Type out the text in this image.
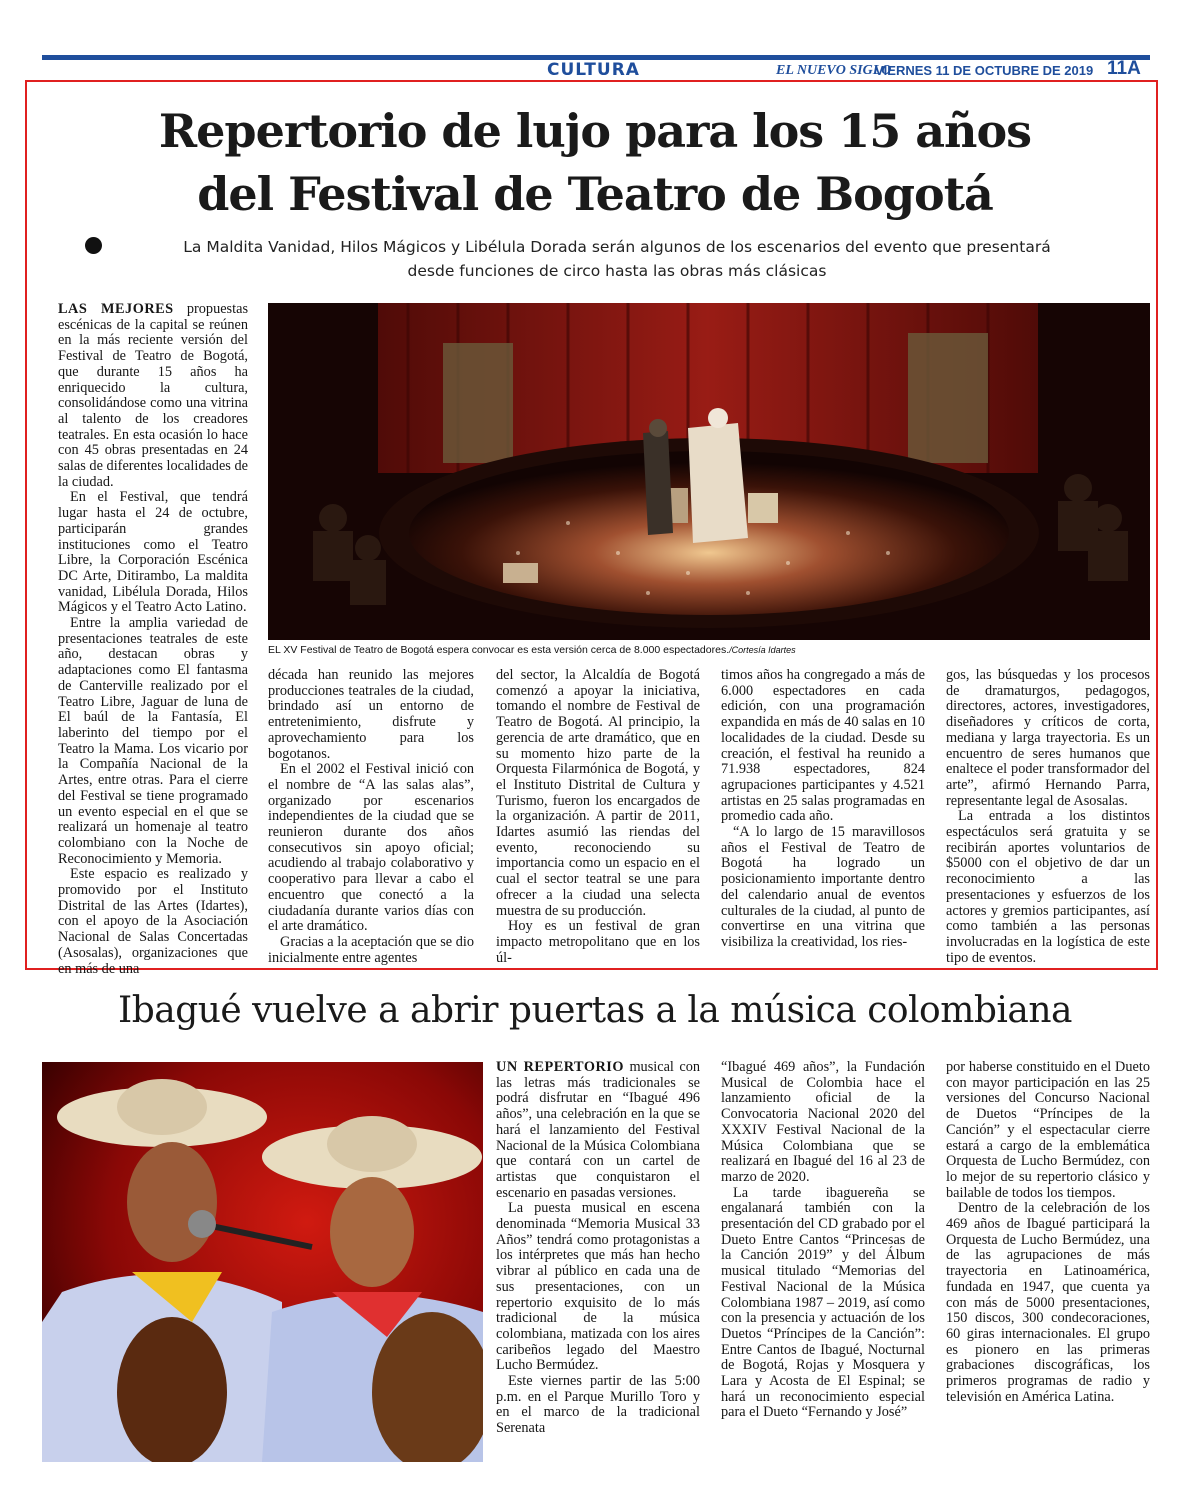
CULTURA	EL NUEVO SIGLO
VIERNES 11 DE OCTUBRE DE 2019 11A
Repertorio de lujo para los 15 años
del Festival de Teatro de Bogotá
La Maldita Vanidad, Hilos Mágicos y Libélula Dorada serán algunos de los escenarios del evento que presentará
desde funciones de circo hasta las obras más clásicas

LAS MEJORES propuestas escénicas de la capital se reúnen en la más reciente versión del Festival de Teatro de Bogotá, que durante 15 años ha enriquecido la cultura, consolidándose como una vitrina al talento de los creadores teatrales. En esta ocasión lo hace con 45 obras presentadas en 24 salas de diferentes localidades de la ciudad.

En el Festival, que tendrá lugar hasta el 24 de octubre, participarán grandes instituciones como el Teatro Libre, la Corporación Escénica DC Arte, Ditirambo, La maldita vanidad, Libélula Dorada, Hilos Mágicos y el Teatro Acto Latino.

Entre la amplia variedad de presentaciones teatrales de este año, destacan obras y adaptaciones como El fantasma de Canterville realizado por el Teatro Libre, Jaguar de luna de El baúl de la Fantasía, El laberinto del tiempo por el Teatro la Mama. Los vicario por la Compañía Nacional de la Artes, entre otras. Para el cierre del Festival se tiene programado un evento especial en el que se realizará un homenaje al teatro colombiano con la Noche de Reconocimiento y Memoria.

Este espacio es realizado y promovido por el Instituto Distrital de las Artes (Idartes), con el apoyo de la Asociación Nacional de Salas Concertadas (Asosalas), organizaciones que en más de una

EL XV Festival de Teatro de Bogotá espera convocar es esta versión cerca de 8.000 espectadores./Cortesía Idartes

década han reunido las mejores producciones teatrales de la ciudad, brindado así un entorno de entretenimiento, disfrute y aprovechamiento para los bogotanos.

En el 2002 el Festival inició con el nombre de “A las salas alas”, organizado por escenarios independientes de la ciudad que se reunieron durante dos años consecutivos sin apoyo oficial; acudiendo al trabajo colaborativo y cooperativo para llevar a cabo el encuentro que conectó a la ciudadanía durante varios días con el arte dramático.

Gracias a la aceptación que se dio inicialmente entre agentes

del sector, la Alcaldía de Bogotá comenzó a apoyar la iniciativa, tomando el nombre de Festival de Teatro de Bogotá. Al principio, la gerencia de arte dramático, que en su momento hizo parte de la Orquesta Filarmónica de Bogotá, y el Instituto Distrital de Cultura y Turismo, fueron los encargados de la organización. A partir de 2011, Idartes asumió las riendas del evento, reconociendo su importancia como un espacio en el cual el sector teatral se une para ofrecer a la ciudad una selecta muestra de su producción.

Hoy es un festival de gran impacto metropolitano que en los úl-

timos años ha congregado a más de 6.000 espectadores en cada edición, con una programación expandida en más de 40 salas en 10 localidades de la ciudad. Desde su creación, el festival ha reunido a 71.938 espectadores, 824 agrupaciones participantes y 4.521 artistas en 25 salas programadas en promedio cada año.

“A lo largo de 15 maravillosos años el Festival de Teatro de Bogotá ha logrado un posicionamiento importante dentro del calendario anual de eventos culturales de la ciudad, al punto de convertirse en una vitrina que visibiliza la creatividad, los ries-

gos, las búsquedas y los procesos de dramaturgos, pedagogos, directores, actores, investigadores, diseñadores y críticos de corta, mediana y larga trayectoria. Es un encuentro de seres humanos que enaltece el poder transformador del arte”, afirmó Hernando Parra, representante legal de Asosalas.

La entrada a los distintos espectáculos será gratuita y se recibirán aportes voluntarios de $5000 con el objetivo de dar un reconocimiento a las presentaciones y esfuerzos de los actores y gremios participantes, así como también a las personas involucradas en la logística de este tipo de eventos.

Ibagué vuelve a abrir puertas a la música colombiana

UN REPERTORIO musical con las letras más tradicionales se podrá disfrutar en “Ibagué 496 años”, una celebración en la que se hará el lanzamiento del Festival Nacional de la Música Colombiana que contará con un cartel de artistas que conquistaron el escenario en pasadas versiones.

La puesta musical en escena denominada “Memoria Musical 33 Años” tendrá como protagonistas a los intérpretes que más han hecho vibrar al público en cada una de sus presentaciones, con un repertorio exquisito de lo más tradicional de la música colombiana, matizada con los aires caribeños legado del Maestro Lucho Bermúdez.

Este viernes partir de las 5:00 p.m. en el Parque Murillo Toro y en el marco de la tradicional Serenata

“Ibagué 469 años”, la Fundación Musical de Colombia hace el lanzamiento oficial de la Convocatoria Nacional 2020 del XXXIV Festival Nacional de la Música Colombiana que se realizará en Ibagué del 16 al 23 de marzo de 2020.

La tarde ibaguereña se engalanará también con la presentación del CD grabado por el Dueto Entre Cantos “Princesas de la Canción 2019” y del Álbum musical titulado “Memorias del Festival Nacional de la Música Colombiana 1987 – 2019, así como con la presencia y actuación de los Duetos “Príncipes de la Canción”: Entre Cantos de Ibagué, Nocturnal de Bogotá, Rojas y Mosquera y Lara y Acosta de El Espinal; se hará un reconocimiento especial para el Dueto “Fernando y José”

por haberse constituido en el Dueto con mayor participación en las 25 versiones del Concurso Nacional de Duetos “Príncipes de la Canción” y el espectacular cierre estará a cargo de la emblemática Orquesta de Lucho Bermúdez, con lo mejor de su repertorio clásico y bailable de todos los tiempos.

Dentro de la celebración de los 469 años de Ibagué participará la Orquesta de Lucho Bermúdez, una de las agrupaciones de más trayectoria en Latinoamérica, fundada en 1947, que cuenta ya con más de 5000 presentaciones, 150 discos, 300 condecoraciones, 60 giras internacionales. El grupo es pionero en las primeras grabaciones discográficas, los primeros programas de radio y televisión en América Latina.
